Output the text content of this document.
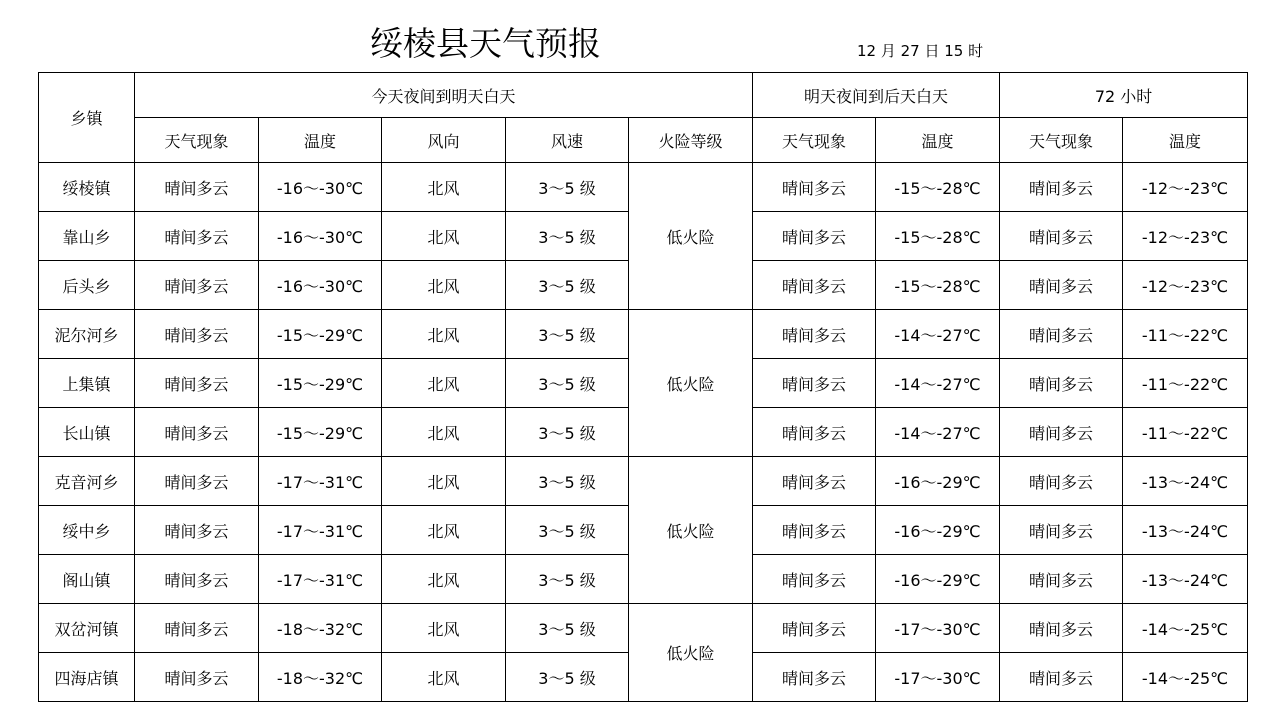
绥棱县天气预报	12 月 27 日 15 时
乡镇	今天夜间到明天白天					明天夜间到后天白天		72 小时	
	天气现象	温度	风向	风速	火险等级	天气现象	温度	天气现象	温度
绥棱镇	晴间多云	-16～-30℃	北风	3～5 级	低火险	晴间多云	-15～-28℃	晴间多云	-12～-23℃
靠山乡	晴间多云	-16～-30℃	北风	3～5 级		晴间多云	-15～-28℃	晴间多云	-12～-23℃
后头乡	晴间多云	-16～-30℃	北风	3～5 级		晴间多云	-15～-28℃	晴间多云	-12～-23℃
泥尔河乡	晴间多云	-15～-29℃	北风	3～5 级	低火险	晴间多云	-14～-27℃	晴间多云	-11～-22℃
上集镇	晴间多云	-15～-29℃	北风	3～5 级		晴间多云	-14～-27℃	晴间多云	-11～-22℃
长山镇	晴间多云	-15～-29℃	北风	3～5 级		晴间多云	-14～-27℃	晴间多云	-11～-22℃
克音河乡	晴间多云	-17～-31℃	北风	3～5 级	低火险	晴间多云	-16～-29℃	晴间多云	-13～-24℃
绥中乡	晴间多云	-17～-31℃	北风	3～5 级		晴间多云	-16～-29℃	晴间多云	-13～-24℃
阁山镇	晴间多云	-17～-31℃	北风	3～5 级		晴间多云	-16～-29℃	晴间多云	-13～-24℃
双岔河镇	晴间多云	-18～-32℃	北风	3～5 级	低火险	晴间多云	-17～-30℃	晴间多云	-14～-25℃
四海店镇	晴间多云	-18～-32℃	北风	3～5 级		晴间多云	-17～-30℃	晴间多云	-14～-25℃
